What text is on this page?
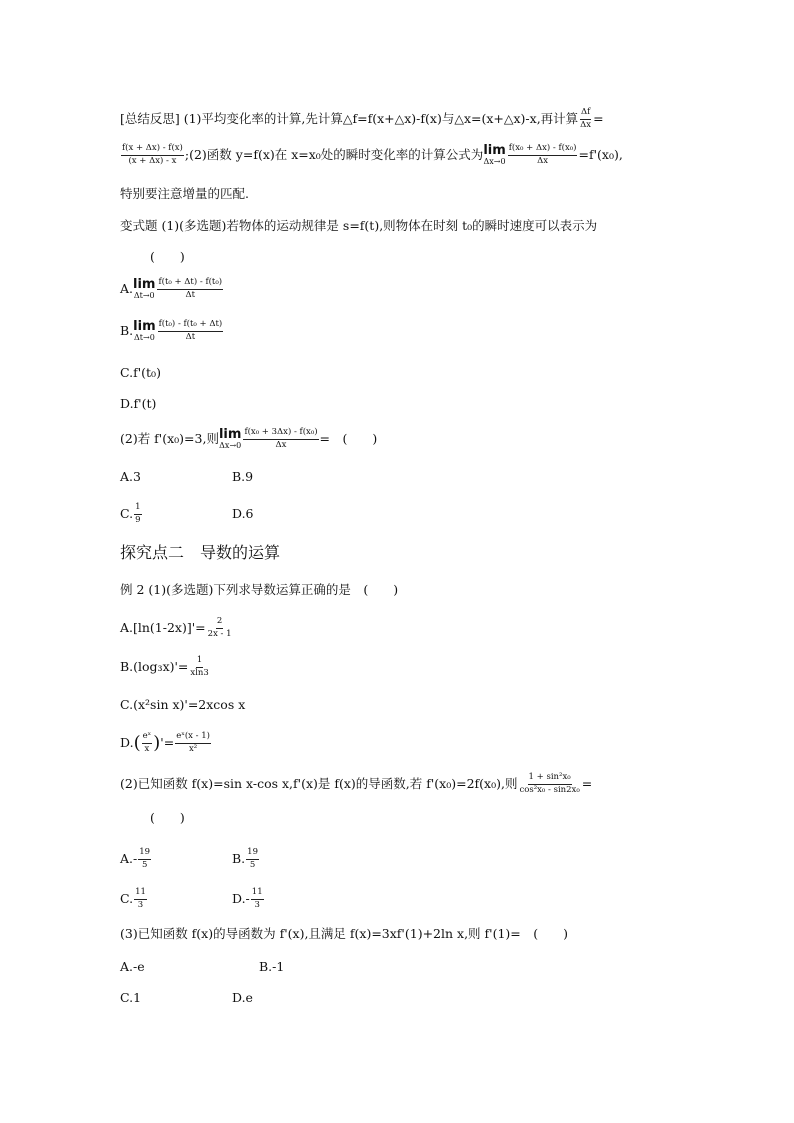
[总结反思] (1)平均变化率的计算,先计算△f=f(x+△x)-f(x)与△x=(x+△x)-x,再计算 $\frac{\Delta f}{\Delta x}$ =
$\frac{f(x + \Delta x) - f(x)}{(x + \Delta x) - x}$ ;(2)函数 y=f(x)在 x=x₀处的瞬时变化率的计算公式为 lim
$\Delta x\to 0 \frac{\text{f(x₀ + Δx) - f(x₀)}}{\Delta x} =f'(x_0)$,
特别要注意增量的匹配.
变式题 (1)(多选题)若物体的运动规律是 s=f(t),则物体在时刻 t₀的瞬时速度可以表示为
(　　)
A. lim
$\Delta t\to 0 \frac{\text{f(t₀ + Δt) - f(t₀)}}{\Delta t}$
B. lim
$\Delta t\to 0 \frac{\text{f(t₀) - f(t₀ + Δt)}}{\Delta t}$
C.f'(t₀)
D.f'(t)
(2)若 f'(x₀)=3,则 lim
$\Delta x\to 0 \frac{\text{f(x₀ + 3Δx) - f(x₀)}}{\Delta x}$ =　(　　)
A.3	B.9
C. $\frac{1}{9}$	D.6
探究点二　导数的运算
例 2 (1)(多选题)下列求导数运算正确的是　(　　)
$A.[\ln(1-2x)]'= \frac{2}{2x - 1}$
$B.(\log_3x)'= \frac{1}{xln3}$
C.(x²sin x)'=2xcos x
$D.( \frac{\text{eˣ}}{x}$ )'= $\frac{\text{eˣ(x - 1)}}{\text{x²}}$
(2)已知函数 f(x)=sin x-cos x,f'(x)是 f(x)的导函数,若 f'(x₀)=2f(x₀),则 $\frac{\text{1 + sin²x₀}}{\text{cos²x₀ - sin2x₀}}$ =
(　　)
$A.- \frac{19}{5}$	B. $\frac{19}{5}$
C. $\frac{11}{3}$	$D.- \frac{11}{3}$
(3)已知函数 f(x)的导函数为 f'(x),且满足 f(x)=3xf'(1)+2ln x,则 f'(1)=　(　　)
A.-e	B.-1
C.1	D.e
